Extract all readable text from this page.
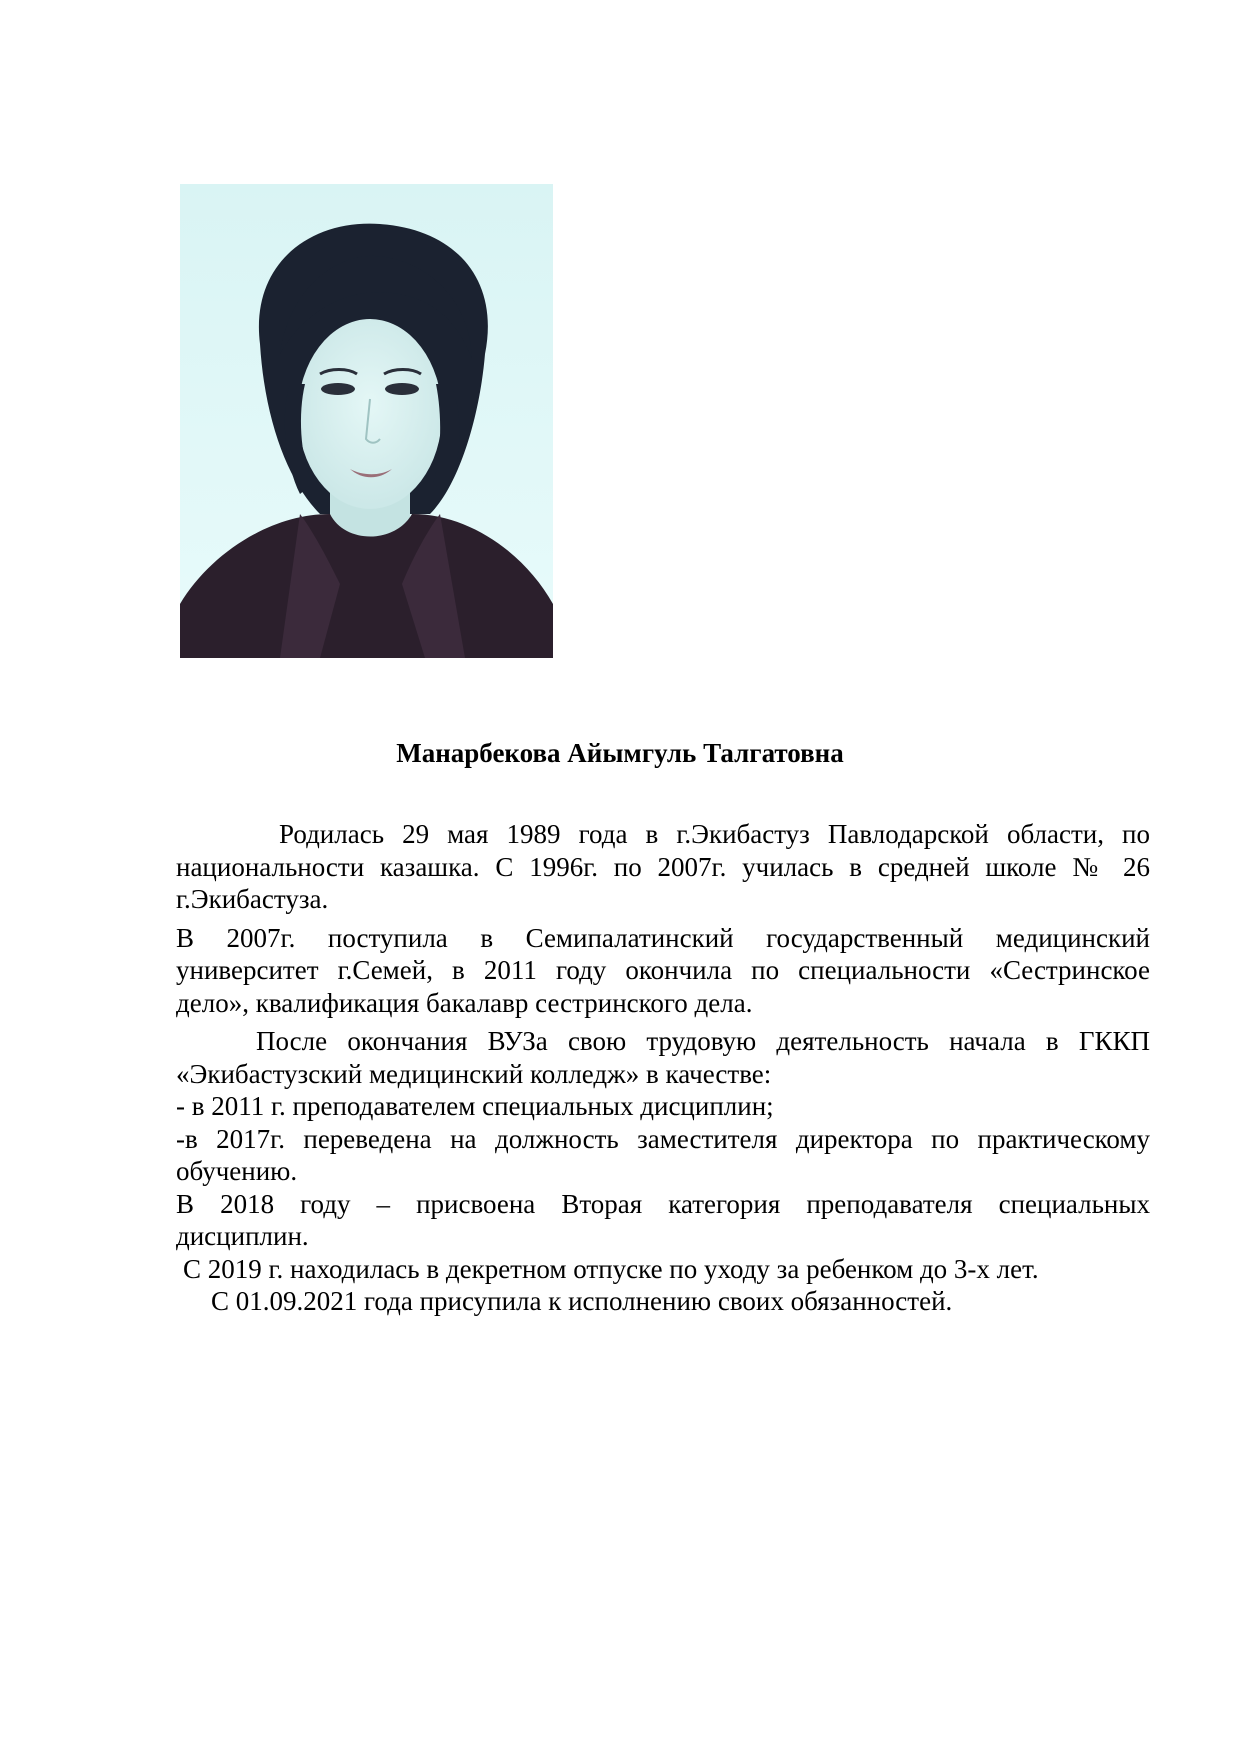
Манарбекова Айымгуль Талгатовна

Родилась 29 мая 1989 года в г.Экибастуз Павлодарской области, по

национальности казашка. С 1996г. по 2007г. училась в средней школе № 26

г.Экибастуза.

В 2007г. поступила в Семипалатинский государственный медицинский

университет г.Семей, в 2011 году окончила по специальности «Сестринское

дело», квалификация бакалавр сестринского дела.

После окончания ВУЗа свою трудовую деятельность начала в ГККП

«Экибастузский медицинский колледж» в качестве:

- в 2011 г. преподавателем специальных дисциплин;

-в 2017г. переведена на должность заместителя директора по практическому

обучению.

В 2018 году – присвоена Вторая категория преподавателя специальных

дисциплин.

С 2019 г. находилась в декретном отпуске по уходу за ребенком до 3-х лет.

С 01.09.2021 года присупила к исполнению своих обязанностей.
